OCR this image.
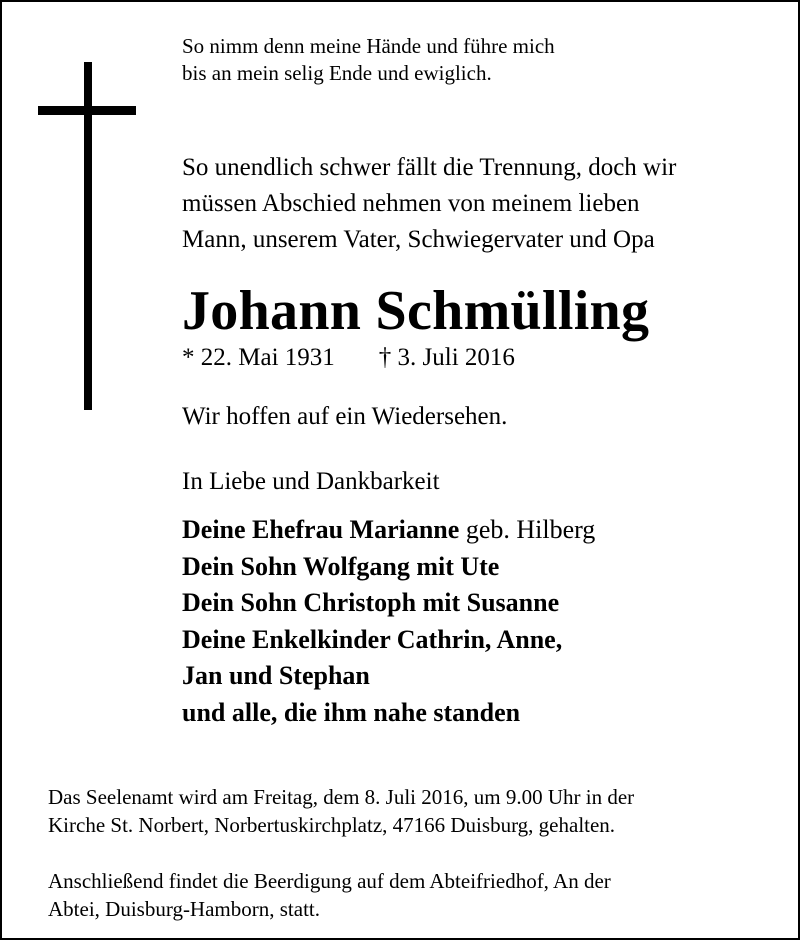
So nimm denn meine Hände und führe mich
bis an mein selig Ende und ewiglich.
So unendlich schwer fällt die Trennung, doch wir
müssen Abschied nehmen von meinem lieben
Mann, unserem Vater, Schwiegervater und Opa
Johann Schmülling
* 22. Mai 1931 † 3. Juli 2016
Wir hoffen auf ein Wiedersehen.
In Liebe und Dankbarkeit
Deine Ehefrau Marianne geb. Hilberg
Dein Sohn Wolfgang mit Ute
Dein Sohn Christoph mit Susanne
Deine Enkelkinder Cathrin, Anne,
Jan und Stephan
und alle, die ihm nahe standen
Das Seelenamt wird am Freitag, dem 8. Juli 2016, um 9.00 Uhr in der
Kirche St. Norbert, Norbertuskirchplatz, 47166 Duisburg, gehalten.
Anschließend findet die Beerdigung auf dem Abteifriedhof, An der
Abtei, Duisburg-Hamborn, statt.
